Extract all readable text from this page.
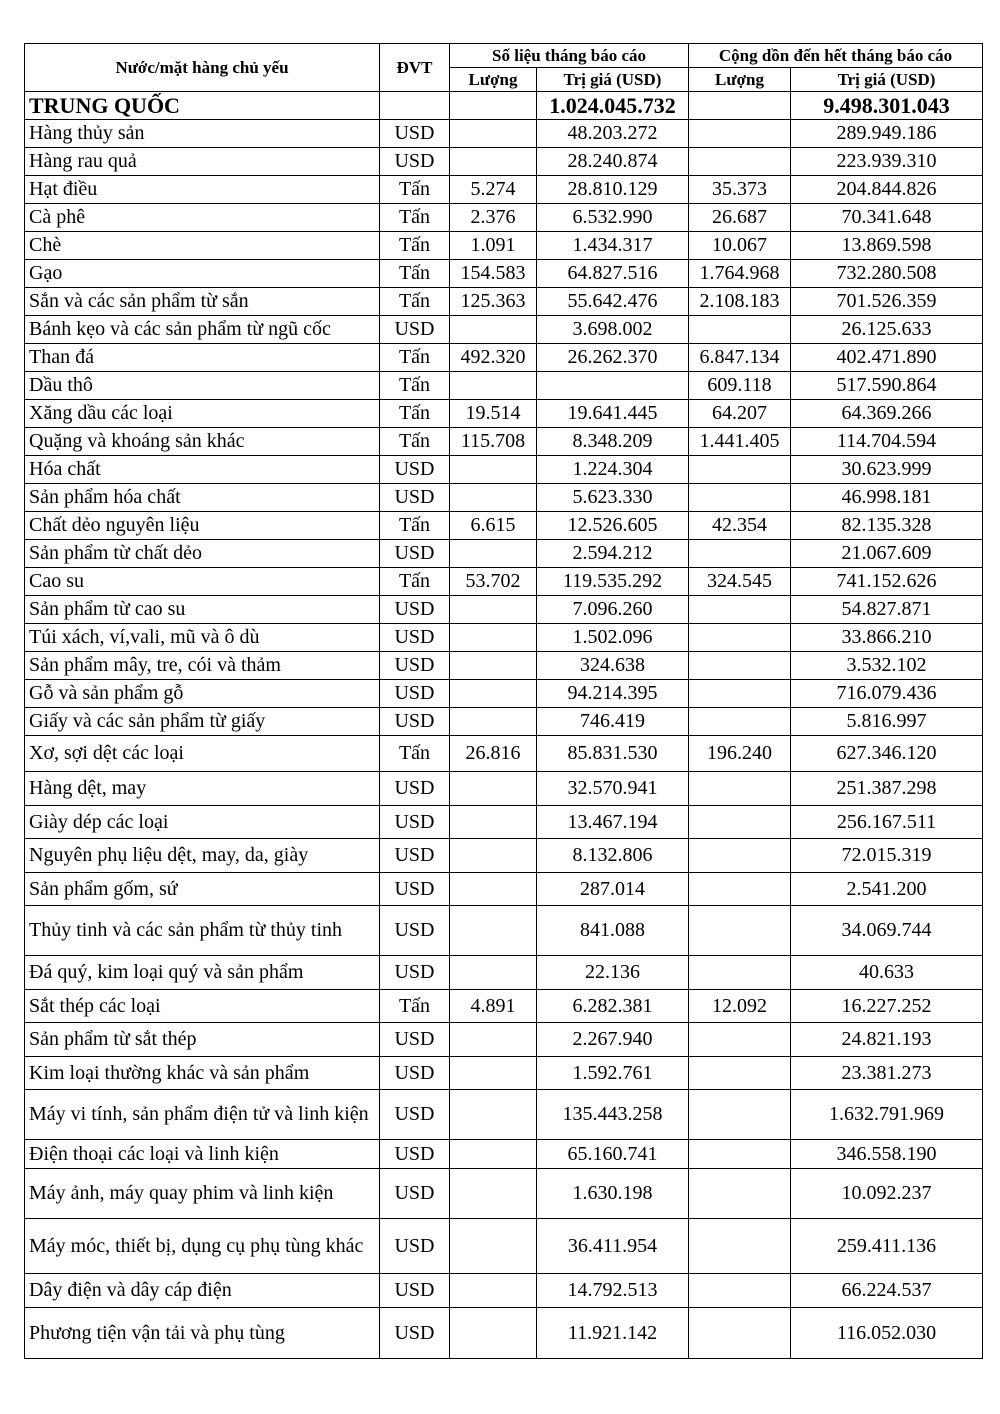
Nước/mặt hàng chủ yếu	ĐVT	Số liệu tháng báo cáo		Cộng dồn đến hết tháng báo cáo	
		Lượng	Trị giá (USD)	Lượng	Trị giá (USD)
TRUNG QUỐC			1.024.045.732		9.498.301.043
Hàng thủy sản	USD		48.203.272		289.949.186
Hàng rau quả	USD		28.240.874		223.939.310
Hạt điều	Tấn	5.274	28.810.129	35.373	204.844.826
Cà phê	Tấn	2.376	6.532.990	26.687	70.341.648
Chè	Tấn	1.091	1.434.317	10.067	13.869.598
Gạo	Tấn	154.583	64.827.516	1.764.968	732.280.508
Sắn và các sản phẩm từ sắn	Tấn	125.363	55.642.476	2.108.183	701.526.359
Bánh kẹo và các sản phẩm từ ngũ cốc	USD		3.698.002		26.125.633
Than đá	Tấn	492.320	26.262.370	6.847.134	402.471.890
Dầu thô	Tấn			609.118	517.590.864
Xăng dầu các loại	Tấn	19.514	19.641.445	64.207	64.369.266
Quặng và khoáng sản khác	Tấn	115.708	8.348.209	1.441.405	114.704.594
Hóa chất	USD		1.224.304		30.623.999
Sản phẩm hóa chất	USD		5.623.330		46.998.181
Chất dẻo nguyên liệu	Tấn	6.615	12.526.605	42.354	82.135.328
Sản phẩm từ chất dẻo	USD		2.594.212		21.067.609
Cao su	Tấn	53.702	119.535.292	324.545	741.152.626
Sản phẩm từ cao su	USD		7.096.260		54.827.871
Túi xách, ví,vali, mũ và ô dù	USD		1.502.096		33.866.210
Sản phẩm mây, tre, cói và thảm	USD		324.638		3.532.102
Gỗ và sản phẩm gỗ	USD		94.214.395		716.079.436
Giấy và các sản phẩm từ giấy	USD		746.419		5.816.997
Xơ, sợi dệt các loại	Tấn	26.816	85.831.530	196.240	627.346.120
Hàng dệt, may	USD		32.570.941		251.387.298
Giày dép các loại	USD		13.467.194		256.167.511
Nguyên phụ liệu dệt, may, da, giày	USD		8.132.806		72.015.319
Sản phẩm gốm, sứ	USD		287.014		2.541.200
Thủy tinh và các sản phẩm từ thủy tinh	USD		841.088		34.069.744
Đá quý, kim loại quý và sản phẩm	USD		22.136		40.633
Sắt thép các loại	Tấn	4.891	6.282.381	12.092	16.227.252
Sản phẩm từ sắt thép	USD		2.267.940		24.821.193
Kim loại thường khác và sản phẩm	USD		1.592.761		23.381.273
Máy vi tính, sản phẩm điện tử và linh kiện	USD		135.443.258		1.632.791.969
Điện thoại các loại và linh kiện	USD		65.160.741		346.558.190
Máy ảnh, máy quay phim và linh kiện	USD		1.630.198		10.092.237
Máy móc, thiết bị, dụng cụ phụ tùng khác	USD		36.411.954		259.411.136
Dây điện và dây cáp điện	USD		14.792.513		66.224.537
Phương tiện vận tải và phụ tùng	USD		11.921.142		116.052.030
